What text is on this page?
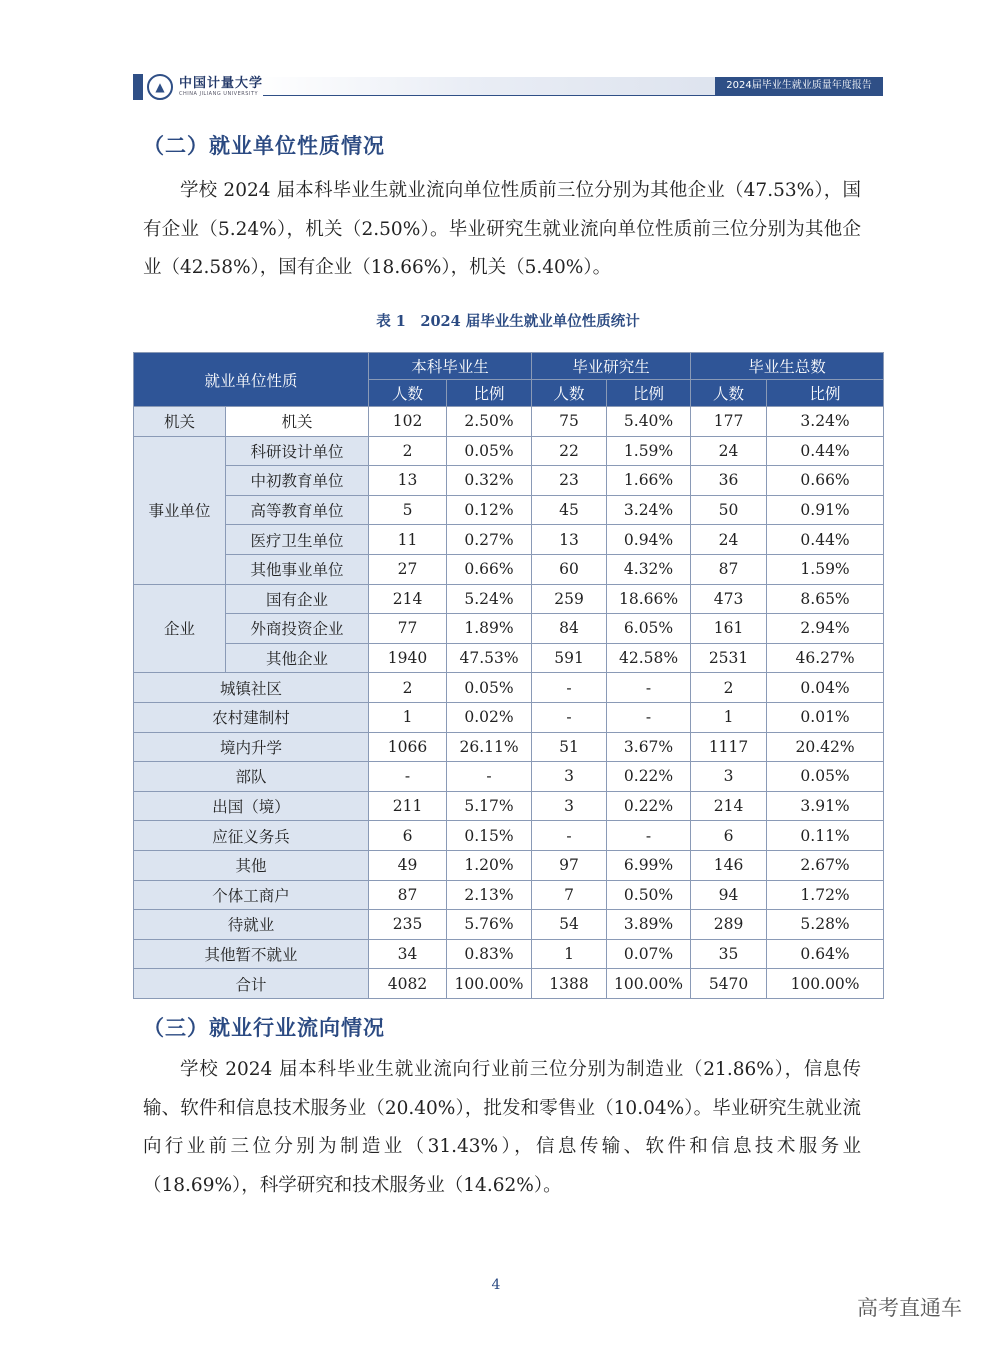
▲	中国计量大学
CHINA JILIANG UNIVERSITY
2024届毕业生就业质量年度报告
（二）就业单位性质情况

学校 2024 届本科毕业生就业流向单位性质前三位分别为其他企业（47.53%），国有企业（5.24%），机关（2.50%）。毕业研究生就业流向单位性质前三位分别为其他企业（42.58%），国有企业（18.66%），机关（5.40%）。

表 1　2024 届毕业生就业单位性质统计
就业单位性质		本科毕业生		毕业研究生		毕业生总数	
		人数	比例	人数	比例	人数	比例
机关	机关	102	2.50%	75	5.40%	177	3.24%
事业单位	科研设计单位	2	0.05%	22	1.59%	24	0.44%
	中初教育单位	13	0.32%	23	1.66%	36	0.66%
	高等教育单位	5	0.12%	45	3.24%	50	0.91%
	医疗卫生单位	11	0.27%	13	0.94%	24	0.44%
	其他事业单位	27	0.66%	60	4.32%	87	1.59%
企业	国有企业	214	5.24%	259	18.66%	473	8.65%
	外商投资企业	77	1.89%	84	6.05%	161	2.94%
	其他企业	1940	47.53%	591	42.58%	2531	46.27%
城镇社区		2	0.05%	-	-	2	0.04%
农村建制村		1	0.02%	-	-	1	0.01%
境内升学		1066	26.11%	51	3.67%	1117	20.42%
部队		-	-	3	0.22%	3	0.05%
出国（境）		211	5.17%	3	0.22%	214	3.91%
应征义务兵		6	0.15%	-	-	6	0.11%
其他		49	1.20%	97	6.99%	146	2.67%
个体工商户		87	2.13%	7	0.50%	94	1.72%
待就业		235	5.76%	54	3.89%	289	5.28%
其他暂不就业		34	0.83%	1	0.07%	35	0.64%
合计		4082	100.00%	1388	100.00%	5470	100.00%
（三）就业行业流向情况

学校 2024 届本科毕业生就业流向行业前三位分别为制造业（21.86%），信息传输、软件和信息技术服务业（20.40%），批发和零售业（10.04%）。毕业研究生就业流向行业前三位分别为制造业（31.43%），信息传输、软件和信息技术服务业（18.69%），科学研究和技术服务业（14.62%）。

4
高考直通车
